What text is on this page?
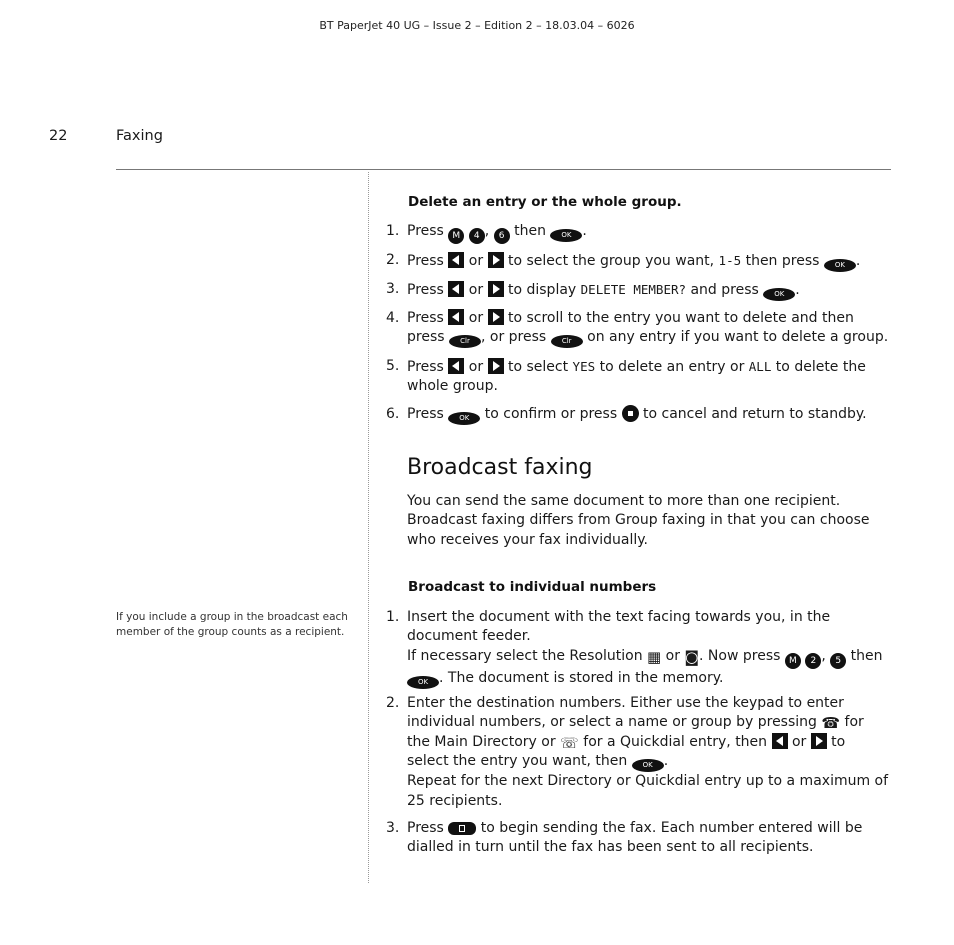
BT PaperJet 40 UG – Issue 2 – Edition 2 – 18.03.04 – 6026
22	Faxing
If you include a group in the broadcast each member of the group counts as a recipient.
Delete an entry or the whole group.
1. Press M 4 , 6 then OK .
2. Press  or  to select the group you want, 1-5 then press OK .
3. Press  or  to display DELETE MEMBER? and press OK .
4. Press  or  to scroll to the entry you want to delete and then press Clr , or press Clr on any entry if you want to delete a group.
5. Press  or  to select YES to delete an entry or ALL to delete the whole group.
6. Press OK to confirm or press  to cancel and return to standby.
Broadcast faxing
You can send the same document to more than one recipient. Broadcast faxing differs from Group faxing in that you can choose who receives your fax individually.
Broadcast to individual numbers
1. Insert the document with the text facing towards you, in the document feeder.
If necessary select the Resolution ▦ or ◙. Now press M 2 , 5 then
OK . The document is stored in the memory.
2. Enter the destination numbers. Either use the keypad to enter individual numbers, or select a name or group by pressing ☎ for the Main Directory or ☏ for a Quickdial entry, then  or  to select the entry you want, then OK .
Repeat for the next Directory or Quickdial entry up to a maximum of 25 recipients.
3. Press  to begin sending the fax. Each number entered will be dialled in turn until the fax has been sent to all recipients.
